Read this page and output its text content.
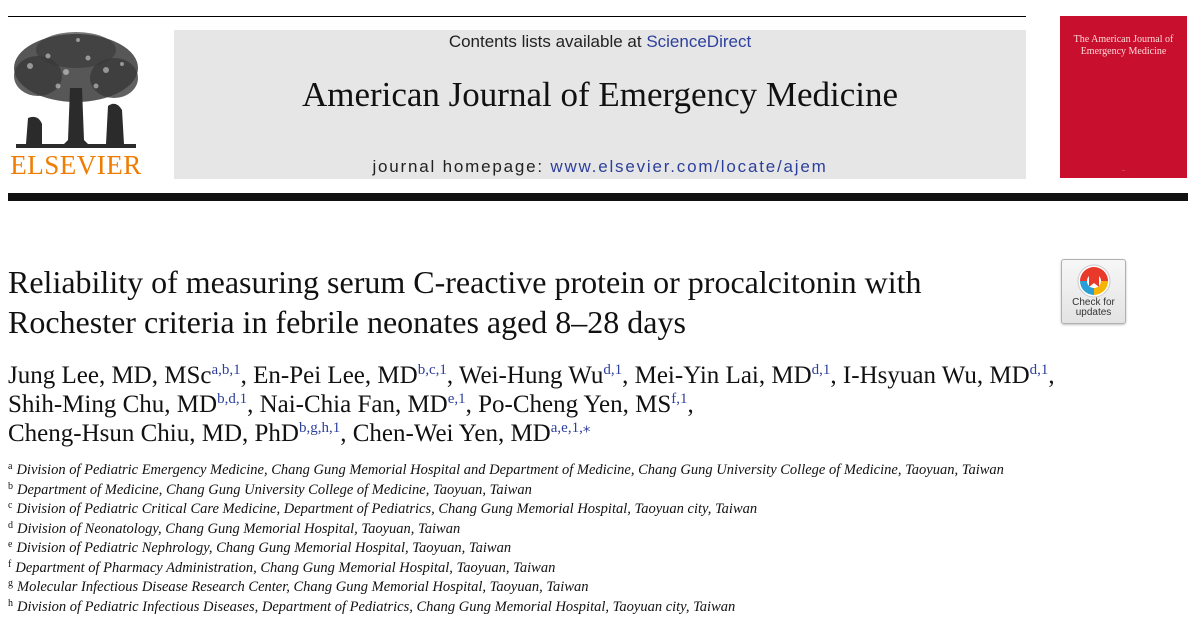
ELSEVIER
Contents lists available at ScienceDirect
American Journal of Emergency Medicine
journal homepage: www.elsevier.com/locate/ajem
The American Journal of Emergency Medicine
—
Reliability of measuring serum C-reactive protein or procalcitonin with
Rochester criteria in febrile neonates aged 8–28 days
Check for
updates
Jung Lee, MD, MSc$^{a,b,1}$, En-Pei Lee, MD$^{b,c,1}$, Wei-Hung Wu$^{d,1}$, Mei-Yin Lai, MD$^{d,1}$, I-Hsyuan Wu, MD$^{d,1}$,
Shih-Ming Chu, MD$^{b,d,1}$, Nai-Chia Fan, MD$^{e,1}$, Po-Cheng Yen, MS$^{f,1}$,
Cheng-Hsun Chiu, MD, PhD$^{b,g,h,1}$, Chen-Wei Yen, MD$^{a,e,1,⁎}$
$^a$ Division of Pediatric Emergency Medicine, Chang Gung Memorial Hospital and Department of Medicine, Chang Gung University College of Medicine, Taoyuan, Taiwan
$^b$ Department of Medicine, Chang Gung University College of Medicine, Taoyuan, Taiwan
$^c$ Division of Pediatric Critical Care Medicine, Department of Pediatrics, Chang Gung Memorial Hospital, Taoyuan city, Taiwan
$^d$ Division of Neonatology, Chang Gung Memorial Hospital, Taoyuan, Taiwan
$^e$ Division of Pediatric Nephrology, Chang Gung Memorial Hospital, Taoyuan, Taiwan
$^f$ Department of Pharmacy Administration, Chang Gung Memorial Hospital, Taoyuan, Taiwan
$^g$ Molecular Infectious Disease Research Center, Chang Gung Memorial Hospital, Taoyuan, Taiwan
$^h$ Division of Pediatric Infectious Diseases, Department of Pediatrics, Chang Gung Memorial Hospital, Taoyuan city, Taiwan
